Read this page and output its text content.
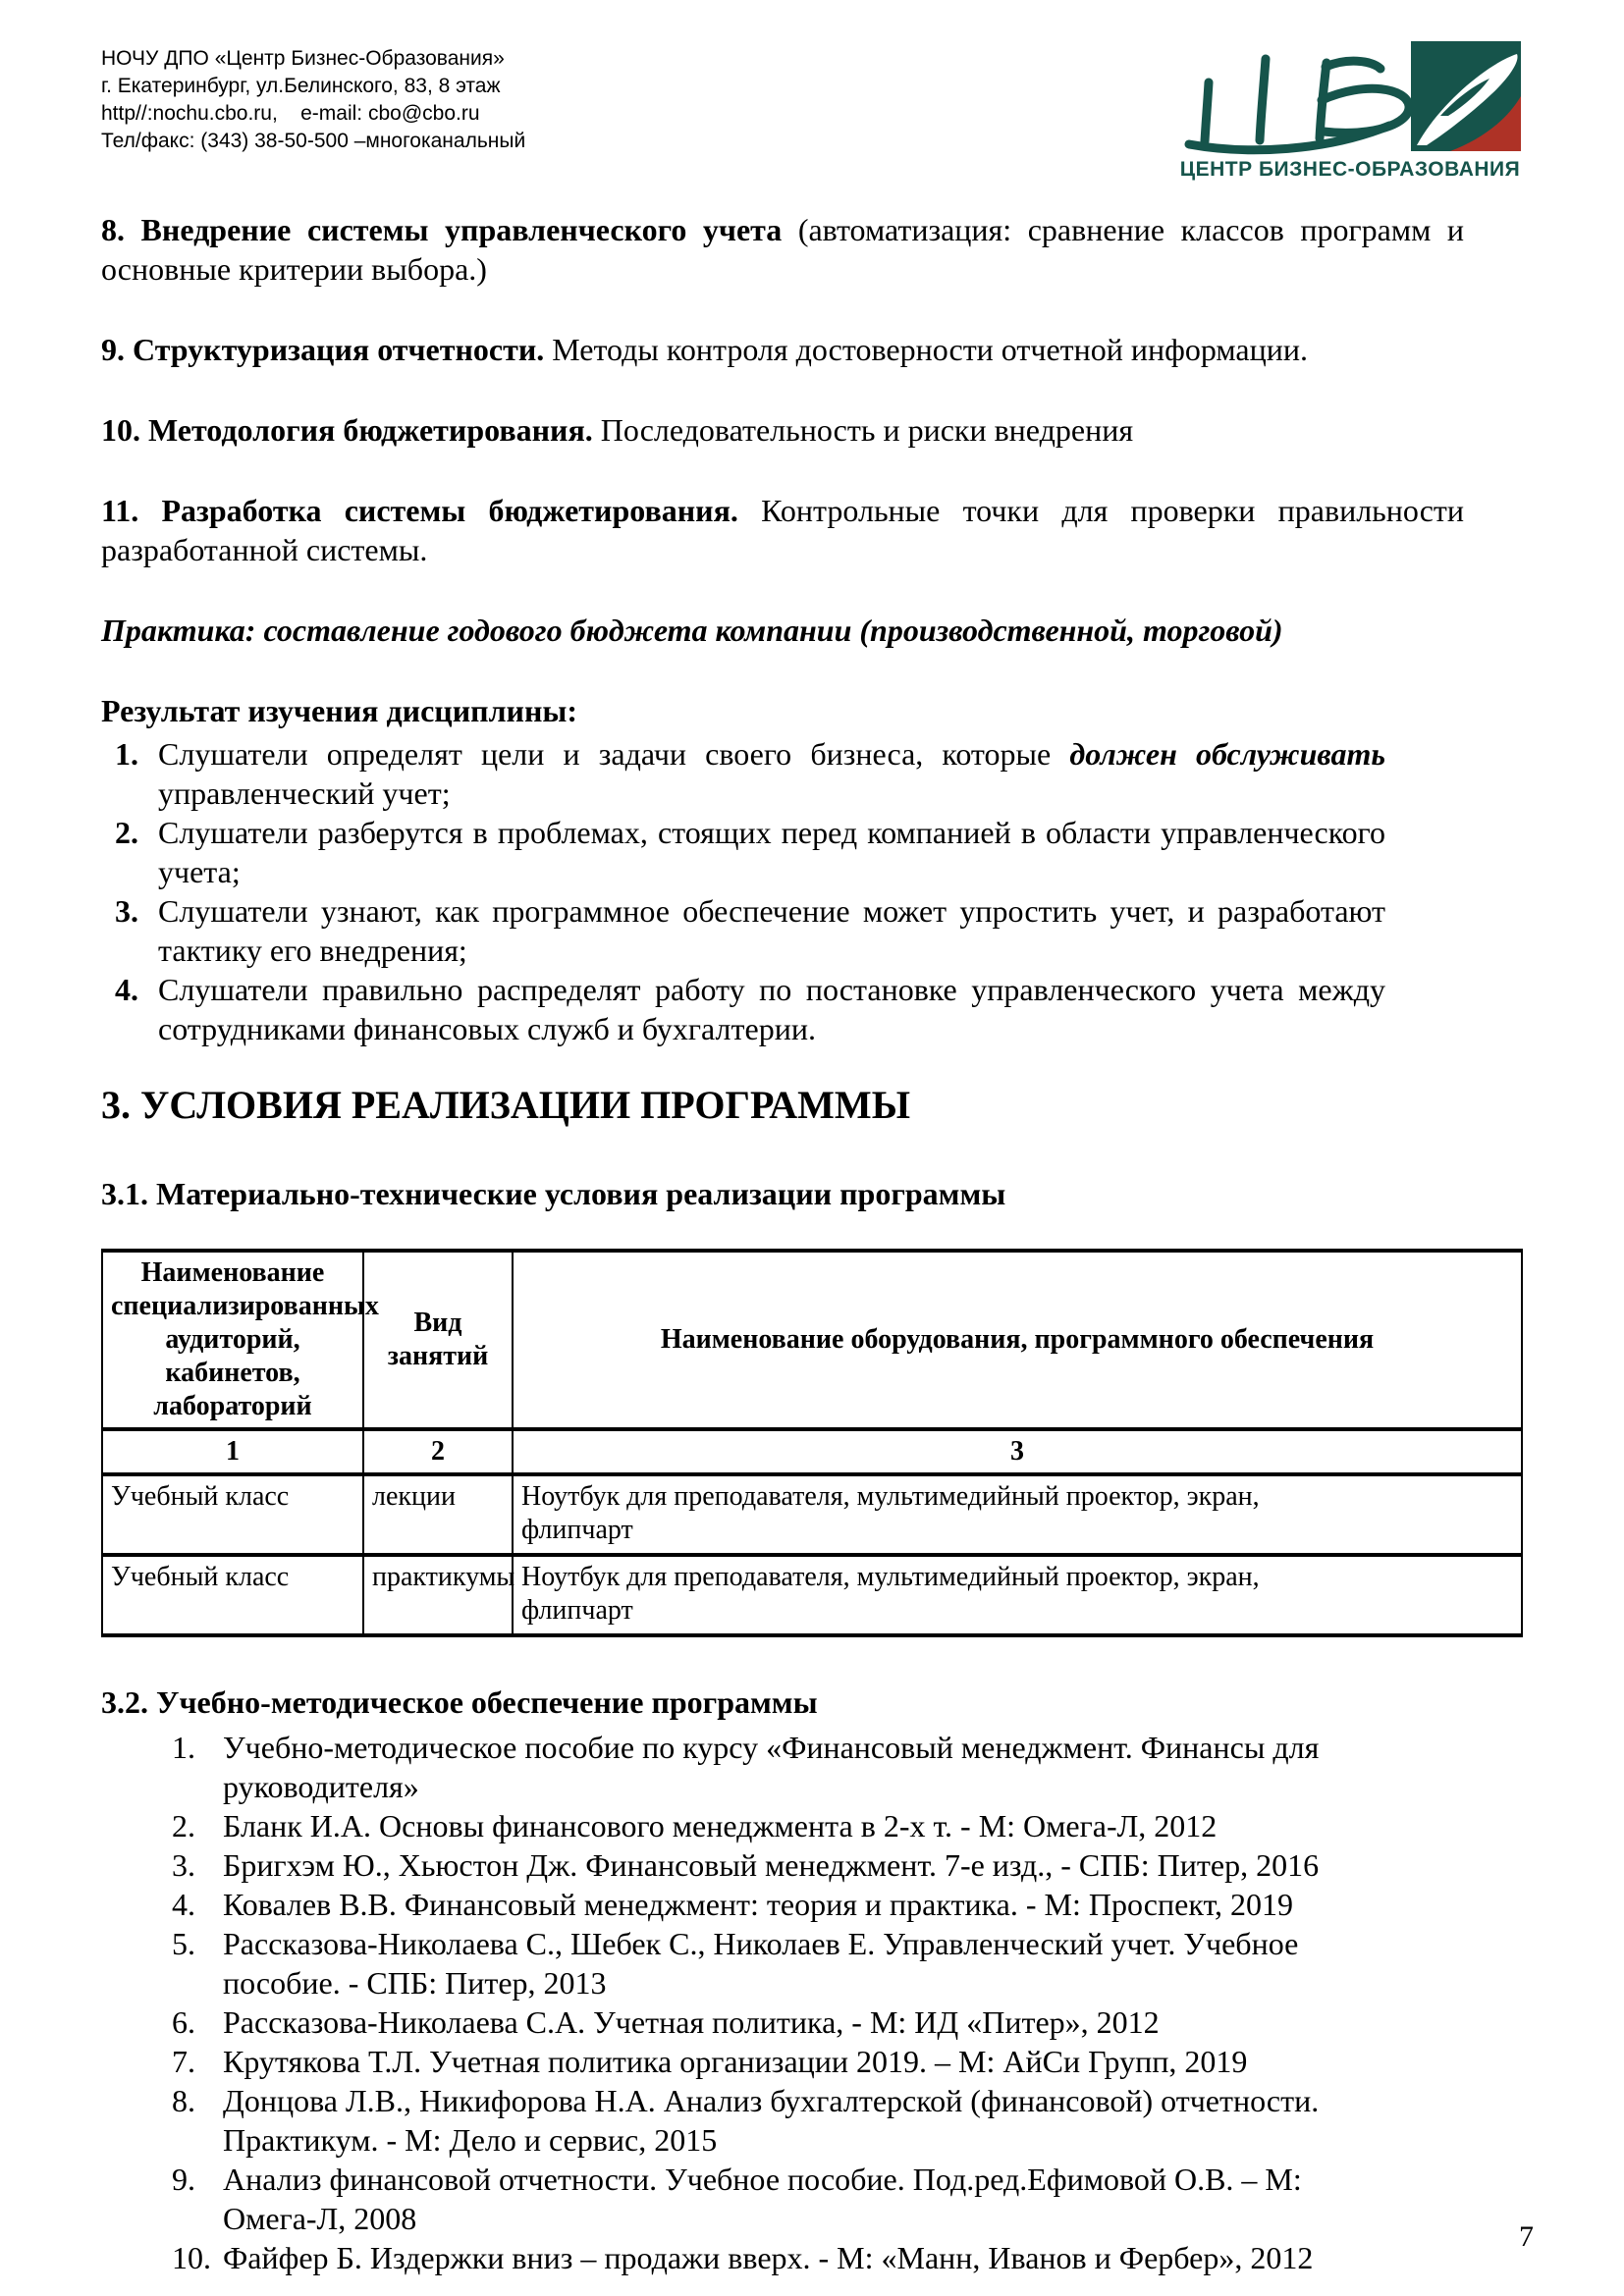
НОЧУ ДПО «Центр Бизнес-Образования»
г. Екатеринбург, ул.Белинского, 83, 8 этаж
http//:nochu.cbo.ru,    e-mail: cbo@cbo.ru
Тел/факс: (343) 38-50-500 –многоканальный
ЦЕНТР БИЗНЕС-ОБРАЗОВАНИЯ

8. Внедрение системы управленческого учета (автоматизация: сравнение классов программ и основные критерии выбора.)

9. Структуризация отчетности. Методы контроля достоверности отчетной информации.

10. Методология бюджетирования. Последовательность и риски внедрения

11. Разработка системы бюджетирования. Контрольные точки для проверки правильности разработанной системы.

Практика: составление годового бюджета компании (производственной, торговой)

Результат изучения дисциплины:

1. Слушатели определят цели и задачи своего бизнеса, которые должен обслуживать управленческий учет;
2. Слушатели разберутся в проблемах, стоящих перед компанией в области управленческого учета;
3. Слушатели узнают, как программное обеспечение может упростить учет, и разработают тактику его внедрения;
4. Слушатели правильно распределят работу по постановке управленческого учета между сотрудниками финансовых служб и бухгалтерии.
3. УСЛОВИЯ РЕАЛИЗАЦИИ ПРОГРАММЫ
3.1. Материально-технические условия реализации программы
Наименование специализированных аудиторий, кабинетов, лабораторий	Вид занятий	Наименование оборудования, программного обеспечения
1	2	3
Учебный класс	лекции	Ноутбук для преподавателя, мультимедийный проектор, экран, флипчарт
Учебный класс	практикумы	Ноутбук для преподавателя, мультимедийный проектор, экран, флипчарт
3.2. Учебно-методическое обеспечение программы
1. Учебно-методическое пособие по курсу «Финансовый менеджмент. Финансы для руководителя»
2. Бланк И.А. Основы финансового менеджмента в 2-х т. - М: Омега-Л, 2012
3. Бригхэм Ю., Хьюстон Дж. Финансовый менеджмент. 7-е изд., - СПБ: Питер, 2016
4. Ковалев В.В. Финансовый менеджмент: теория и практика. - М: Проспект, 2019
5. Рассказова-Николаева С., Шебек С., Николаев Е. Управленческий учет. Учебное пособие. - СПБ: Питер, 2013
6. Рассказова-Николаева С.А. Учетная политика, - М: ИД «Питер», 2012
7. Крутякова Т.Л. Учетная политика организации 2019. – М: АйСи Групп, 2019
8. Донцова Л.В., Никифорова Н.А. Анализ бухгалтерской (финансовой) отчетности. Практикум. - М: Дело и сервис, 2015
9. Анализ финансовой отчетности. Учебное пособие. Под.ред.Ефимовой О.В. – М: Омега-Л, 2008
10. Файфер Б. Издержки вниз – продажи вверх. - М: «Манн, Иванов и Фербер», 2012
7
